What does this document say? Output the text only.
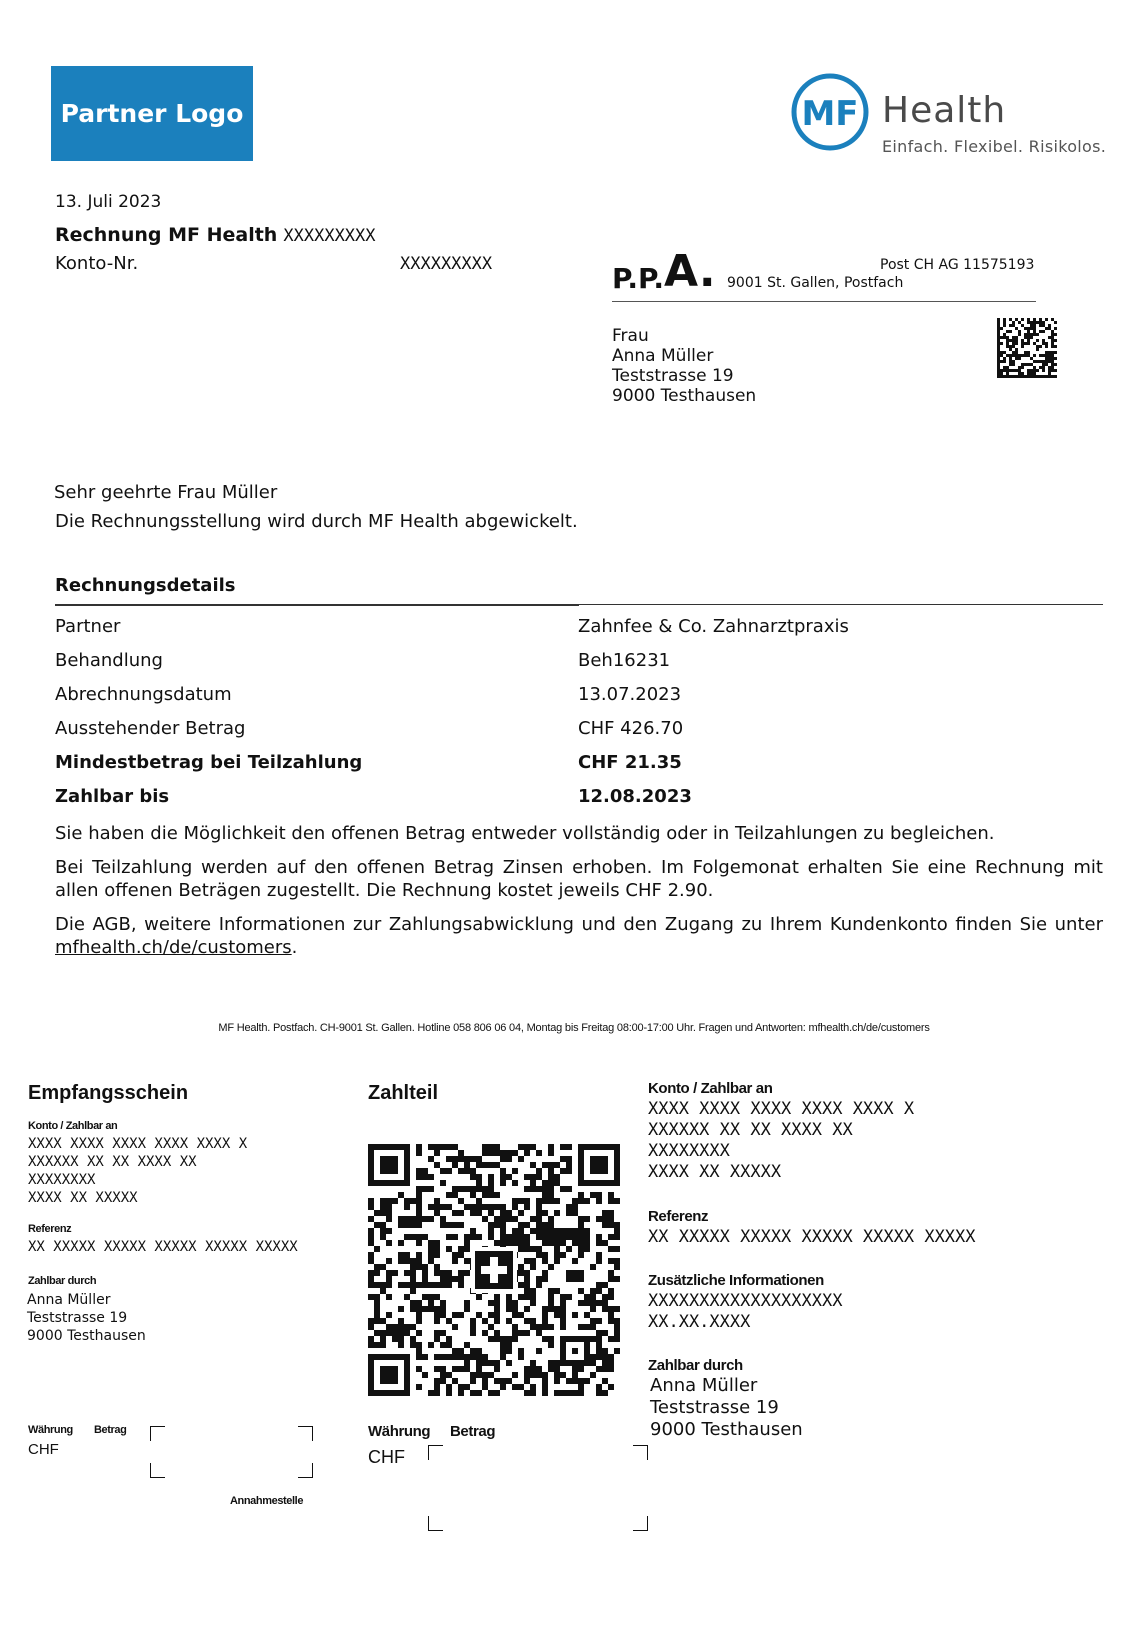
Partner Logo	MF Health
Einfach. Flexibel. Risikolos.
13. Juli 2023
Rechnung MF Health XXXXXXXXX
Konto-Nr.	XXXXXXXXX	P.P. A.	Post CH AG 11575193
9001 St. Gallen, Postfach
Frau
Anna Müller
Teststrasse 19
9000 Testhausen
Sehr geehrte Frau Müller
Die Rechnungsstellung wird durch MF Health abgewickelt.
Rechnungsdetails
Partner	Zahnfee & Co. Zahnarztpraxis
Behandlung	Beh16231
Abrechnungsdatum	13.07.2023
Ausstehender Betrag	CHF 426.70
Mindestbetrag bei Teilzahlung	CHF 21.35
Zahlbar bis	12.08.2023
Sie haben die Möglichkeit den offenen Betrag entweder vollständig oder in Teilzahlungen zu begleichen.
Bei Teilzahlung werden auf den offenen Betrag Zinsen erhoben. Im Folgemonat erhalten Sie eine Rechnung mit allen offenen Beträgen zugestellt. Die Rechnung kostet jeweils CHF 2.90.
Die AGB, weitere Informationen zur Zahlungsabwicklung und den Zugang zu Ihrem Kundenkonto finden Sie unter mfhealth.ch/de/customers.
MF Health. Postfach. CH-9001 St. Gallen. Hotline 058 806 06 04, Montag bis Freitag 08:00-17:00 Uhr. Fragen und Antworten: mfhealth.ch/de/customers
Empfangsschein
Konto / Zahlbar an
XXXX XXXX XXXX XXXX XXXX X
XXXXXX XX XX XXXX XX
XXXXXXXX
XXXX XX XXXXX
Referenz
XX XXXXX XXXXX XXXXX XXXXX XXXXX
Zahlbar durch
Anna Müller
Teststrasse 19
9000 Testhausen
Währung Betrag
CHF
Annahmestelle
Zahlteil
Währung Betrag
CHF
Konto / Zahlbar an
XXXX XXXX XXXX XXXX XXXX X
XXXXXX XX XX XXXX XX
XXXXXXXX
XXXX XX XXXXX
Referenz
XX XXXXX XXXXX XXXXX XXXXX XXXXX
Zusätzliche Informationen
XXXXXXXXXXXXXXXXXXX
XX.XX.XXXX
Zahlbar durch
Anna Müller
Teststrasse 19
9000 Testhausen
